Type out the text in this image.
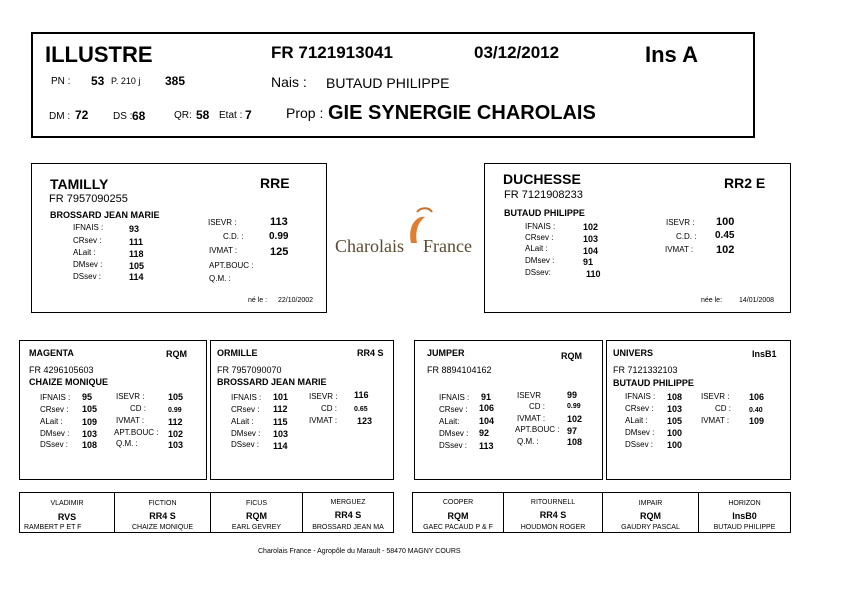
ILLUSTRE	FR 7121913041	03/12/2012	Ins A
PN : 53 P. 210 j 385	Nais : BUTAUD PHILIPPE
DM : 72 DS : 68	QR: 58 Etat : 7 Prop : GIE SYNERGIE CHAROLAIS
TAMILLY	RRE
FR 7957090255
BROSSARD JEAN MARIE
IFNAIS :	93
CRsev :	111
ALait :	118
DMsev :	105
DSsev :	114
ISEVR :	113
C.D. :	0.99
IVMAT :	125
APT.BOUC :
Q.M. :
né le : 22/10/2002
Charolais France
DUCHESSE	RR2 E
FR 7121908233
BUTAUD PHILIPPE
IFNAIS :	102
CRsev :	103
ALait :	104
DMsev :	91
DSsev:	110
ISEVR : 100
C.D. : 0.45
IVMAT : 102
née le: 14/01/2008
MAGENTA	RQM
FR 4296105603
CHAIZE MONIQUE
IFNAIS : 95	ISEVR :	105
CRsev : 105	CD :	0.99
ALait : 109 IVMAT :	112
DMsev : 103 APT.BOUC : 102
DSsev : 108 Q.M. :	103
ORMILLE	RR4 S
FR 7957090070
BROSSARD JEAN MARIE
IFNAIS : 101	ISEVR : 116
CRsev : 112	CD : 0.65
ALait : 115	IVMAT : 123
DMsev : 103
DSsev : 114
JUMPER	RQM
FR 8894104162
IFNAIS : 91	ISEVR	99
CRsev : 106	CD :	0.99
ALait: 104	IVMAT : 102
DMsev : 92	APT.BOUC : 97
DSsev : 113	Q.M. :	108
UNIVERS	InsB1
FR 7121332103
BUTAUD PHILIPPE
IFNAIS : 108 ISEVR : 106
CRsev : 103	CD :	0.40
ALait : 105 IVMAT : 109
DMsev : 100
DSsev : 100
VLADIMIR
RVS
RAMBERT P ET F
FICTION
RR4 S
CHAIZE MONIQUE
FICUS
RQM
EARL GEVREY
MERGUEZ
RR4 S
BROSSARD JEAN MA
COOPER
RQM
GAEC PACAUD P & F
RITOURNELL
RR4 S
HOUDMON ROGER
IMPAIR
RQM
GAUDRY PASCAL
HORIZON
InsB0
BUTAUD PHILIPPE
Charolais France - Agropôle du Marault - 58470 MAGNY COURS
